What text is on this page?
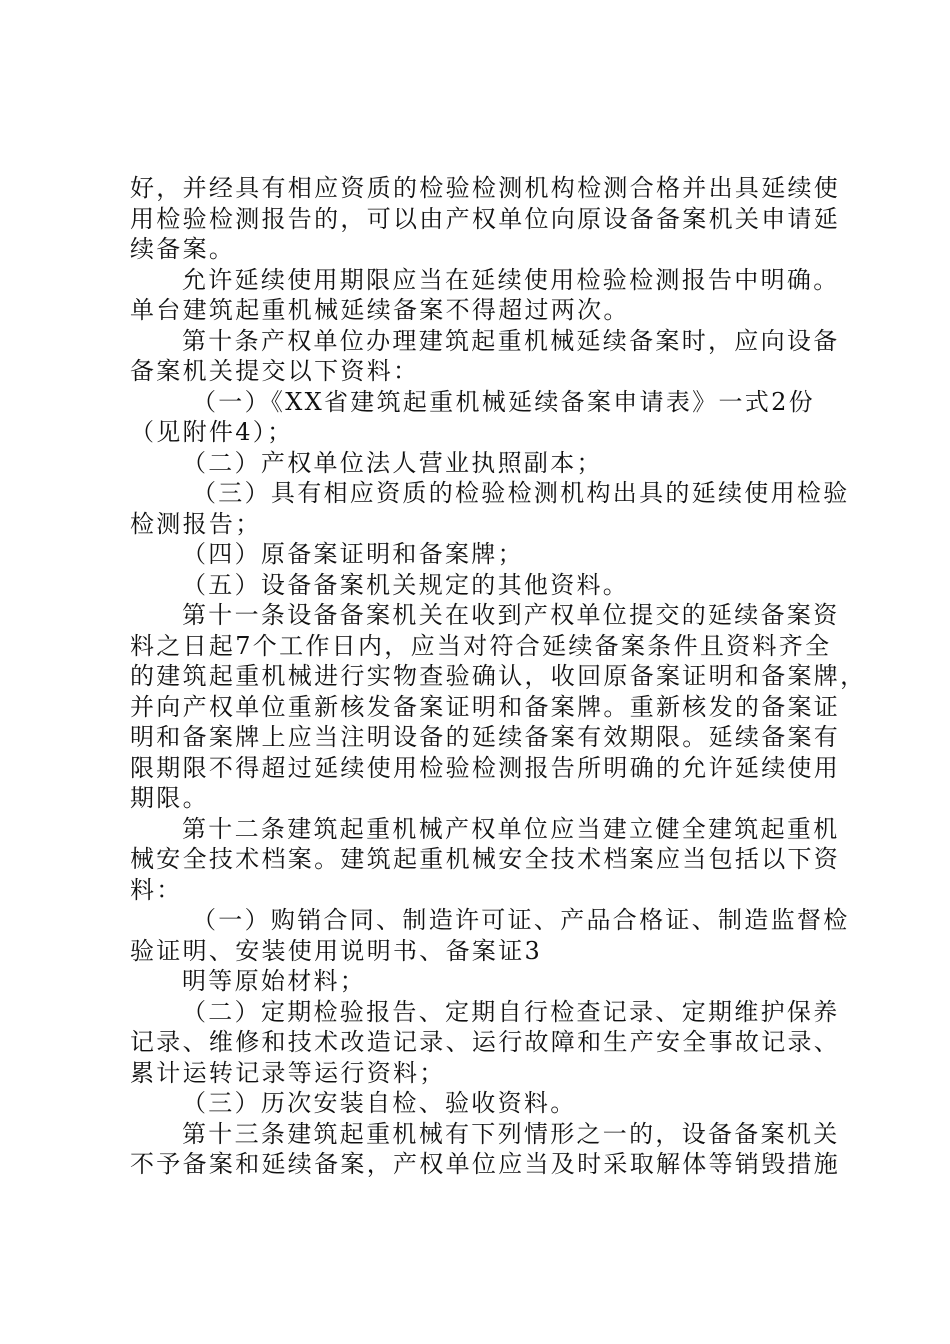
好，并经具有相应资质的检验检测机构检测合格并出具延续使
用检验检测报告的，可以由产权单位向原设备备案机关申请延
续备案。
允许延续使用期限应当在延续使用检验检测报告中明确。
单台建筑起重机械延续备案不得超过两次。
第十条产权单位办理建筑起重机械延续备案时，应向设备
备案机关提交以下资料：
（一）《XX省建筑起重机械延续备案申请表》一式2份
（见附件4）；
（二）产权单位法人营业执照副本；
（三）具有相应资质的检验检测机构出具的延续使用检验
检测报告；
（四）原备案证明和备案牌；
（五）设备备案机关规定的其他资料。
第十一条设备备案机关在收到产权单位提交的延续备案资
料之日起7个工作日内，应当对符合延续备案条件且资料齐全
的建筑起重机械进行实物查验确认，收回原备案证明和备案牌，
并向产权单位重新核发备案证明和备案牌。重新核发的备案证
明和备案牌上应当注明设备的延续备案有效期限。延续备案有
限期限不得超过延续使用检验检测报告所明确的允许延续使用
期限。
第十二条建筑起重机械产权单位应当建立健全建筑起重机
械安全技术档案。建筑起重机械安全技术档案应当包括以下资
料：
（一）购销合同、制造许可证、产品合格证、制造监督检
验证明、安装使用说明书、备案证3
明等原始材料；
（二）定期检验报告、定期自行检查记录、定期维护保养
记录、维修和技术改造记录、运行故障和生产安全事故记录、
累计运转记录等运行资料；
（三）历次安装自检、验收资料。
第十三条建筑起重机械有下列情形之一的，设备备案机关
不予备案和延续备案，产权单位应当及时采取解体等销毁措施
